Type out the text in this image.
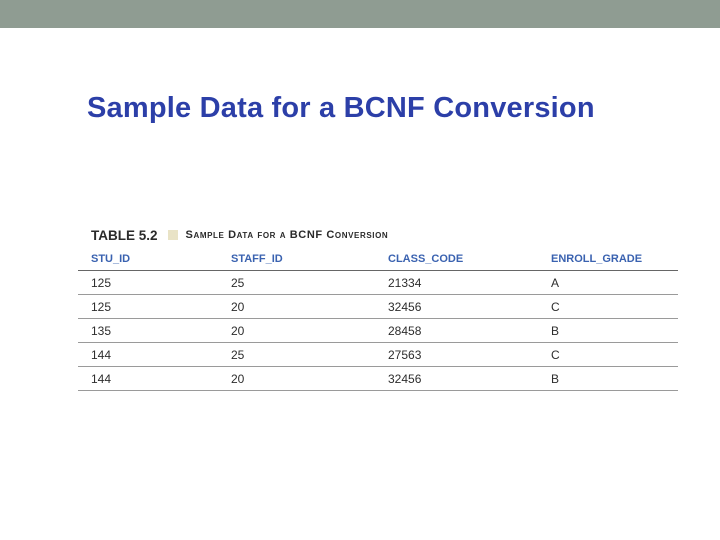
Sample Data for a BCNF Conversion
TABLE 5.2	Sample Data for a BCNF Conversion
STU_ID	STAFF_ID	CLASS_CODE	ENROLL_GRADE
125	25	21334	A
125	20	32456	C
135	20	28458	B
144	25	27563	C
144	20	32456	B
